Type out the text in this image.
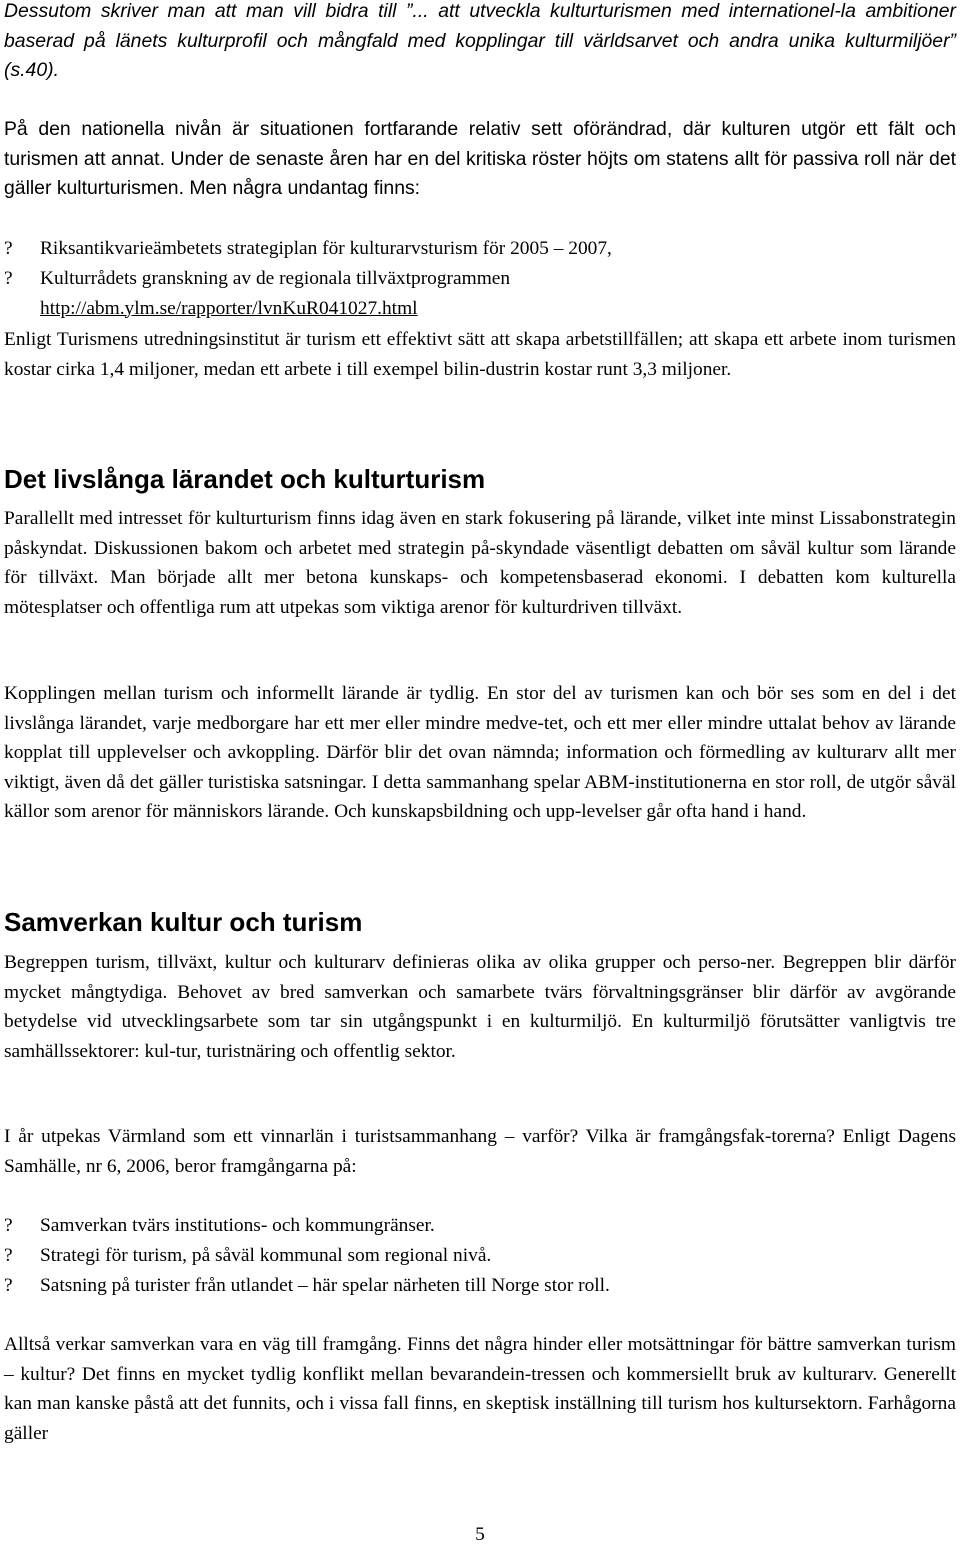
Dessutom skriver man att man vill bidra till ”... att utveckla kulturturismen med internationel-la ambitioner baserad på länets kulturprofil och mångfald med kopplingar till världsarvet och andra unika kulturmiljöer” (s.40).

På den nationella nivån är situationen fortfarande relativ sett oförändrad, där kulturen utgör ett fält och turismen att annat. Under de senaste åren har en del kritiska röster höjts om statens allt för passiva roll när det gäller kulturturismen. Men några undantag finns:

? Riksantikvarieämbetets strategiplan för kulturarvsturism för 2005 – 2007,
? Kulturrådets granskning av de regionala tillväxtprogrammen
http://abm.ylm.se/rapporter/lvnKuR041027.html

Enligt Turismens utredningsinstitut är turism ett effektivt sätt att skapa arbetstillfällen; att skapa ett arbete inom turismen kostar cirka 1,4 miljoner, medan ett arbete i till exempel bilin-dustrin kostar runt 3,3 miljoner.

Det livslånga lärandet och kulturturism

Parallellt med intresset för kulturturism finns idag även en stark fokusering på lärande, vilket inte minst Lissabonstrategin påskyndat. Diskussionen bakom och arbetet med strategin på-skyndade väsentligt debatten om såväl kultur som lärande för tillväxt. Man började allt mer betona kunskaps- och kompetensbaserad ekonomi. I debatten kom kulturella mötesplatser och offentliga rum att utpekas som viktiga arenor för kulturdriven tillväxt.

Kopplingen mellan turism och informellt lärande är tydlig. En stor del av turismen kan och bör ses som en del i det livslånga lärandet, varje medborgare har ett mer eller mindre medve-tet, och ett mer eller mindre uttalat behov av lärande kopplat till upplevelser och avkoppling. Därför blir det ovan nämnda; information och förmedling av kulturarv allt mer viktigt, även då det gäller turistiska satsningar. I detta sammanhang spelar ABM-institutionerna en stor roll, de utgör såväl källor som arenor för människors lärande. Och kunskapsbildning och upp-levelser går ofta hand i hand.

Samverkan kultur och turism

Begreppen turism, tillväxt, kultur och kulturarv definieras olika av olika grupper och perso-ner. Begreppen blir därför mycket mångtydiga. Behovet av bred samverkan och samarbete tvärs förvaltningsgränser blir därför av avgörande betydelse vid utvecklingsarbete som tar sin utgångspunkt i en kulturmiljö. En kulturmiljö förutsätter vanligtvis tre samhällssektorer: kul-tur, turistnäring och offentlig sektor.

I år utpekas Värmland som ett vinnarlän i turistsammanhang – varför? Vilka är framgångsfak-torerna? Enligt Dagens Samhälle, nr 6, 2006, beror framgångarna på:

? Samverkan tvärs institutions- och kommungränser.
? Strategi för turism, på såväl kommunal som regional nivå.
? Satsning på turister från utlandet – här spelar närheten till Norge stor roll.

Alltså verkar samverkan vara en väg till framgång. Finns det några hinder eller motsättningar för bättre samverkan turism – kultur? Det finns en mycket tydlig konflikt mellan bevarandein-tressen och kommersiellt bruk av kulturarv. Generellt kan man kanske påstå att det funnits, och i vissa fall finns, en skeptisk inställning till turism hos kultursektorn. Farhågorna gäller

5
